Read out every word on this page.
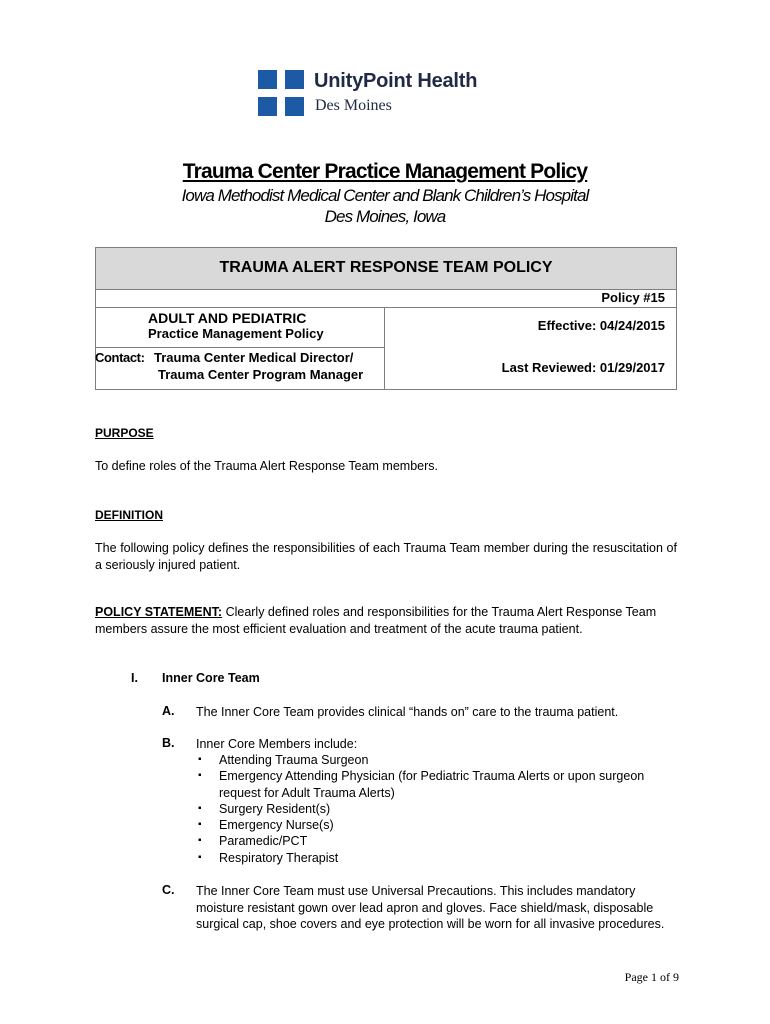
UnityPoint Health
Des Moines
Trauma Center Practice Management Policy
Iowa Methodist Medical Center and Blank Children’s Hospital
Des Moines, Iowa
TRAUMA ALERT RESPONSE TEAM POLICY
Policy #15
ADULT AND PEDIATRIC
Practice Management Policy
Contact: Trauma Center Medical Director/
Trauma Center Program Manager
Effective: 04/24/2015
Last Reviewed: 01/29/2017
PURPOSE
To define roles of the Trauma Alert Response Team members.
DEFINITION
The following policy defines the responsibilities of each Trauma Team member during the resuscitation of a seriously injured patient.
POLICY STATEMENT: Clearly defined roles and responsibilities for the Trauma Alert Response Team members assure the most efficient evaluation and treatment of the acute trauma patient.
I. Inner Core Team
A. The Inner Core Team provides clinical “hands on” care to the trauma patient.
B. Inner Core Members include:
▪ Attending Trauma Surgeon
▪ Emergency Attending Physician (for Pediatric Trauma Alerts or upon surgeon request for Adult Trauma Alerts)
▪ Surgery Resident(s)
▪ Emergency Nurse(s)
▪ Paramedic/PCT
▪ Respiratory Therapist
C. The Inner Core Team must use Universal Precautions. This includes mandatory moisture resistant gown over lead apron and gloves. Face shield/mask, disposable surgical cap, shoe covers and eye protection will be worn for all invasive procedures.
Page 1 of 9
